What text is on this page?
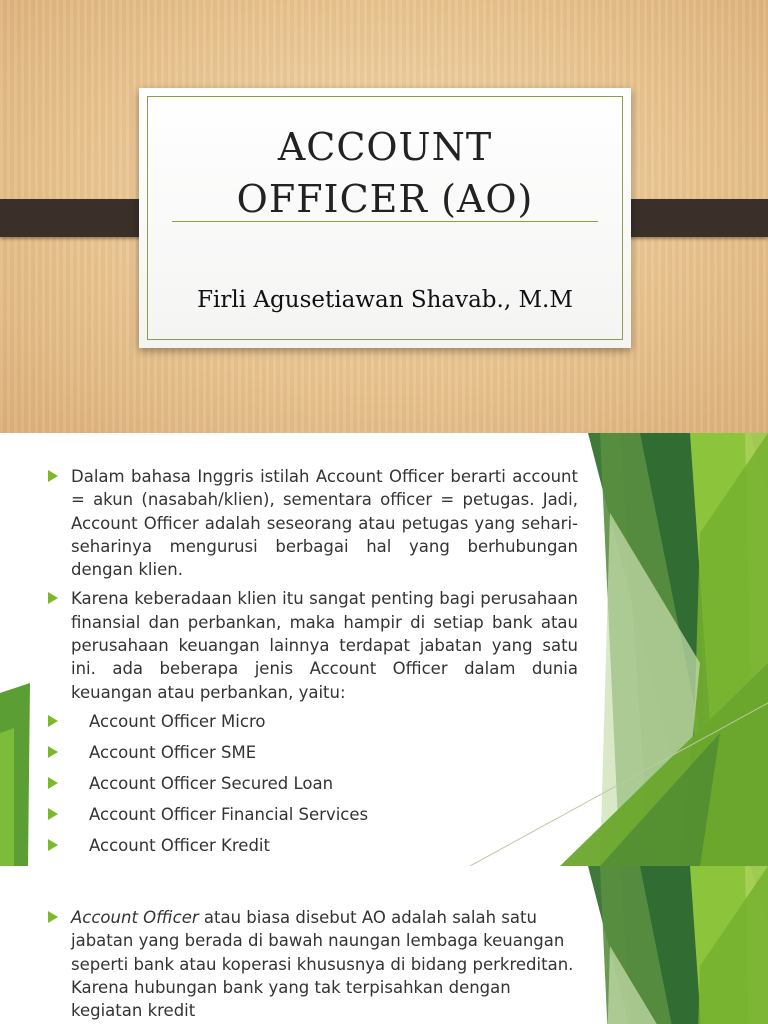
ACCOUNT
OFFICER (AO)
Firli Agusetiawan Shavab., M.M
Dalam bahasa Inggris istilah Account Officer berarti account = akun (nasabah/klien), sementara officer = petugas. Jadi, Account Officer adalah seseorang atau petugas yang sehari-seharinya mengurusi berbagai hal yang berhubungan dengan klien.
Karena keberadaan klien itu sangat penting bagi perusahaan finansial dan perbankan, maka hampir di setiap bank atau perusahaan keuangan lainnya terdapat jabatan yang satu ini. ada beberapa jenis Account Officer dalam dunia keuangan atau perbankan, yaitu:
Account Officer Micro
Account Officer SME
Account Officer Secured Loan
Account Officer Financial Services
Account Officer Kredit
Account Officer atau biasa disebut AO adalah salah satu jabatan yang berada di bawah naungan lembaga keuangan seperti bank atau koperasi khususnya di bidang perkreditan. Karena hubungan bank yang tak terpisahkan dengan kegiatan kredit
